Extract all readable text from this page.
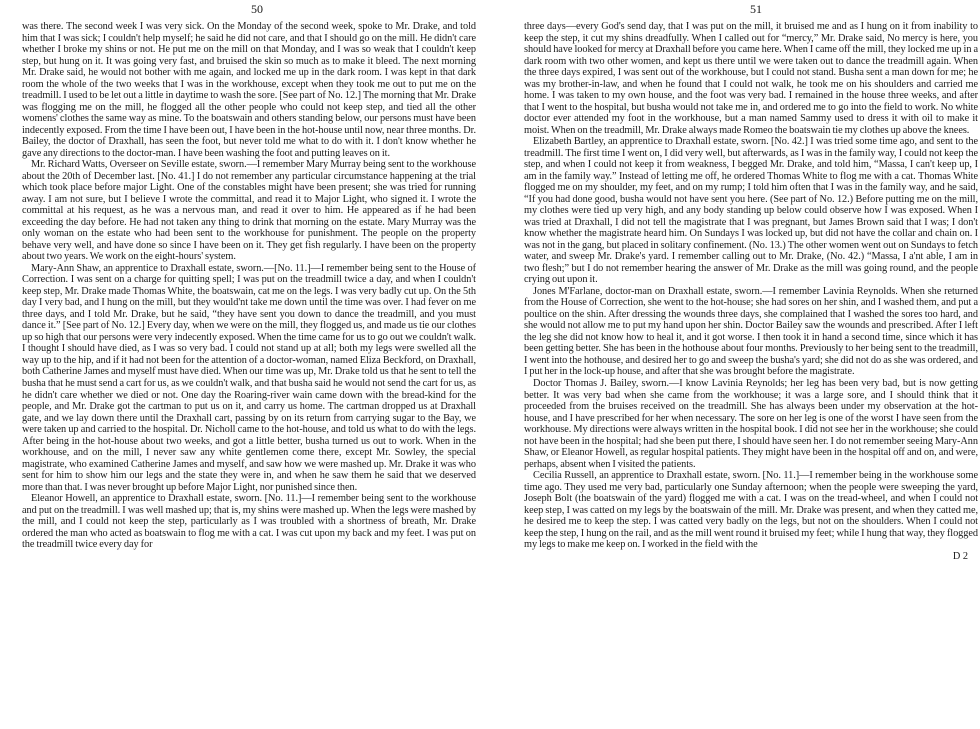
50

was there. The second week I was very sick. On the Monday of the second week, spoke to Mr. Drake, and told him that I was sick; I couldn't help myself; he said he did not care, and that I should go on the mill. He didn't care whether I broke my shins or not. He put me on the mill on that Monday, and I was so weak that I couldn't keep step, but hung on it. It was going very fast, and bruised the skin so much as to make it bleed. The next morning Mr. Drake said, he would not bother with me again, and locked me up in the dark room. I was kept in that dark room the whole of the two weeks that I was in the workhouse, except when they took me out to put me on the treadmill. I used to be let out a little in daytime to wash the sore. [See part of No. 12.] The morning that Mr. Drake was flogging me on the mill, he flogged all the other people who could not keep step, and tied all the other womens' clothes the same way as mine. To the boatswain and others standing below, our persons must have been indecently exposed. From the time I have been out, I have been in the hot-house until now, near three months. Dr. Bailey, the doctor of Draxhall, has seen the foot, but never told me what to do with it. I don't know whether he gave any directions to the doctor-man. I have been washing the foot and putting leaves on it.

Mr. Richard Watts, Overseer on Seville estate, sworn.—I remember Mary Murray being sent to the workhouse about the 20th of December last. [No. 41.] I do not remember any particular circumstance happening at the trial which took place before major Light. One of the constables might have been present; she was tried for running away. I am not sure, but I believe I wrote the committal, and read it to Major Light, who signed it. I wrote the committal at his request, as he was a nervous man, and read it over to him. He appeared as if he had been exceeding the day before. He had not taken any thing to drink that morning on the estate. Mary Murray was the only woman on the estate who had been sent to the workhouse for punishment. The people on the property behave very well, and have done so since I have been on it. They get fish regularly. I have been on the property about two years. We work on the eight-hours' system.

Mary-Ann Shaw, an apprentice to Draxhall estate, sworn.—[No. 11.]—I remember being sent to the House of Correction. I was sent on a charge for quitting spell; I was put on the treadmill twice a day, and when I couldn't keep step, Mr. Drake made Thomas White, the boatswain, cat me on the legs. I was very badly cut up. On the 5th day I very bad, and I hung on the mill, but they would'nt take me down until the time was over. I had fever on me three days, and I told Mr. Drake, but he said, “they have sent you down to dance the treadmill, and you must dance it.” [See part of No. 12.] Every day, when we were on the mill, they flogged us, and made us tie our clothes up so high that our persons were very indecently exposed. When the time came for us to go out we couldn't walk. I thought I should have died, as I was so very bad. I could not stand up at all; both my legs were swelled all the way up to the hip, and if it had not been for the attention of a doctor-woman, named Eliza Beckford, on Draxhall, both Catherine James and myself must have died. When our time was up, Mr. Drake told us that he sent to tell the busha that he must send a cart for us, as we couldn't walk, and that busha said he would not send the cart for us, as he didn't care whether we died or not. One day the Roaring-river wain came down with the bread-kind for the people, and Mr. Drake got the cartman to put us on it, and carry us home. The cartman dropped us at Draxhall gate, and we lay down there until the Draxhall cart, passing by on its return from carrying sugar to the Bay, we were taken up and carried to the hospital. Dr. Nicholl came to the hot-house, and told us what to do with the legs. After being in the hot-house about two weeks, and got a little better, busha turned us out to work. When in the workhouse, and on the mill, I never saw any white gentlemen come there, except Mr. Sowley, the special magistrate, who examined Catherine James and myself, and saw how we were mashed up. Mr. Drake it was who sent for him to show him our legs and the state they were in, and when he saw them he said that we deserved more than that. I was never brought up before Major Light, nor punished since then.

Eleanor Howell, an apprentice to Draxhall estate, sworn. [No. 11.]—I remember being sent to the workhouse and put on the treadmill. I was well mashed up; that is, my shins were mashed up. When the legs were mashed by the mill, and I could not keep the step, particularly as I was troubled with a shortness of breath, Mr. Drake ordered the man who acted as boatswain to flog me with a cat. I was cut upon my back and my feet. I was put on the treadmill twice every day for

51

three days—every God's send day, that I was put on the mill, it bruised me and as I hung on it from inability to keep the step, it cut my shins dreadfully. When I called out for “mercy,” Mr. Drake said, No mercy is here, you should have looked for mercy at Draxhall before you came here. When I came off the mill, they locked me up in a dark room with two other women, and kept us there until we were taken out to dance the treadmill again. When the three days expired, I was sent out of the workhouse, but I could not stand. Busha sent a man down for me; he was my brother-in-law, and when he found that I could not walk, he took me on his shoulders and carried me home. I was taken to my own house, and the foot was very bad. I remained in the house three weeks, and after that I went to the hospital, but busha would not take me in, and ordered me to go into the field to work. No white doctor ever attended my foot in the workhouse, but a man named Sammy used to dress it with oil to make it moist. When on the treadmill, Mr. Drake always made Romeo the boatswain tie my clothes up above the knees.

Elizabeth Bartley, an apprentice to Draxhall estate, sworn. [No. 42.] I was tried some time ago, and sent to the treadmill. The first time I went on, I did very well, but afterwards, as I was in the family way, I could not keep the step, and when I could not keep it from weakness, I begged Mr. Drake, and told him, “Massa, I can't keep up, I am in the family way.” Instead of letting me off, he ordered Thomas White to flog me with a cat. Thomas White flogged me on my shoulder, my feet, and on my rump; I told him often that I was in the family way, and he said, “If you had done good, busha would not have sent you here. (See part of No. 12.) Before putting me on the mill, my clothes were tied up very high, and any body standing up below could observe how I was exposed. When I was tried at Draxhall, I did not tell the magistrate that I was pregnant, but James Brown said that I was; I don't know whether the magistrate heard him. On Sundays I was locked up, but did not have the collar and chain on. I was not in the gang, but placed in solitary confinement. (No. 13.) The other women went out on Sundays to fetch water, and sweep Mr. Drake's yard. I remember calling out to Mr. Drake, (No. 42.) “Massa, I a'nt able, I am in two flesh;” but I do not remember hearing the answer of Mr. Drake as the mill was going round, and the people crying out upon it.

Jones M'Farlane, doctor-man on Draxhall estate, sworn.—I remember Lavinia Reynolds. When she returned from the House of Correction, she went to the hot-house; she had sores on her shin, and I washed them, and put a poultice on the shin. After dressing the wounds three days, she complained that I washed the sores too hard, and she would not allow me to put my hand upon her shin. Doctor Bailey saw the wounds and prescribed. After I left the leg she did not know how to heal it, and it got worse. I then took it in hand a second time, since which it has been getting better. She has been in the hothouse about four months. Previously to her being sent to the treadmill, I went into the hothouse, and desired her to go and sweep the busha's yard; she did not do as she was ordered, and I put her in the lock-up house, and after that she was brought before the magistrate.

Doctor Thomas J. Bailey, sworn.—I know Lavinia Reynolds; her leg has been very bad, but is now getting better. It was very bad when she came from the workhouse; it was a large sore, and I should think that it proceeded from the bruises received on the treadmill. She has always been under my observation at the hot-house, and I have prescribed for her when necessary. The sore on her leg is one of the worst I have seen from the workhouse. My directions were always written in the hospital book. I did not see her in the workhouse; she could not have been in the hospital; had she been put there, I should have seen her. I do not remember seeing Mary-Ann Shaw, or Eleanor Howell, as regular hospital patients. They might have been in the hospital off and on, and were, perhaps, absent when I visited the patients.

Cecilia Russell, an apprentice to Draxhall estate, sworn. [No. 11.]—I remember being in the workhouse some time ago. They used me very bad, particularly one Sunday afternoon; when the people were sweeping the yard, Joseph Bolt (the boatswain of the yard) flogged me with a cat. I was on the tread-wheel, and when I could not keep step, I was catted on my legs by the boatswain of the mill. Mr. Drake was present, and when they catted me, he desired me to keep the step. I was catted very badly on the legs, but not on the shoulders. When I could not keep the step, I hung on the rail, and as the mill went round it bruised my feet; while I hung that way, they flogged my legs to make me keep on. I worked in the field with the

D 2
